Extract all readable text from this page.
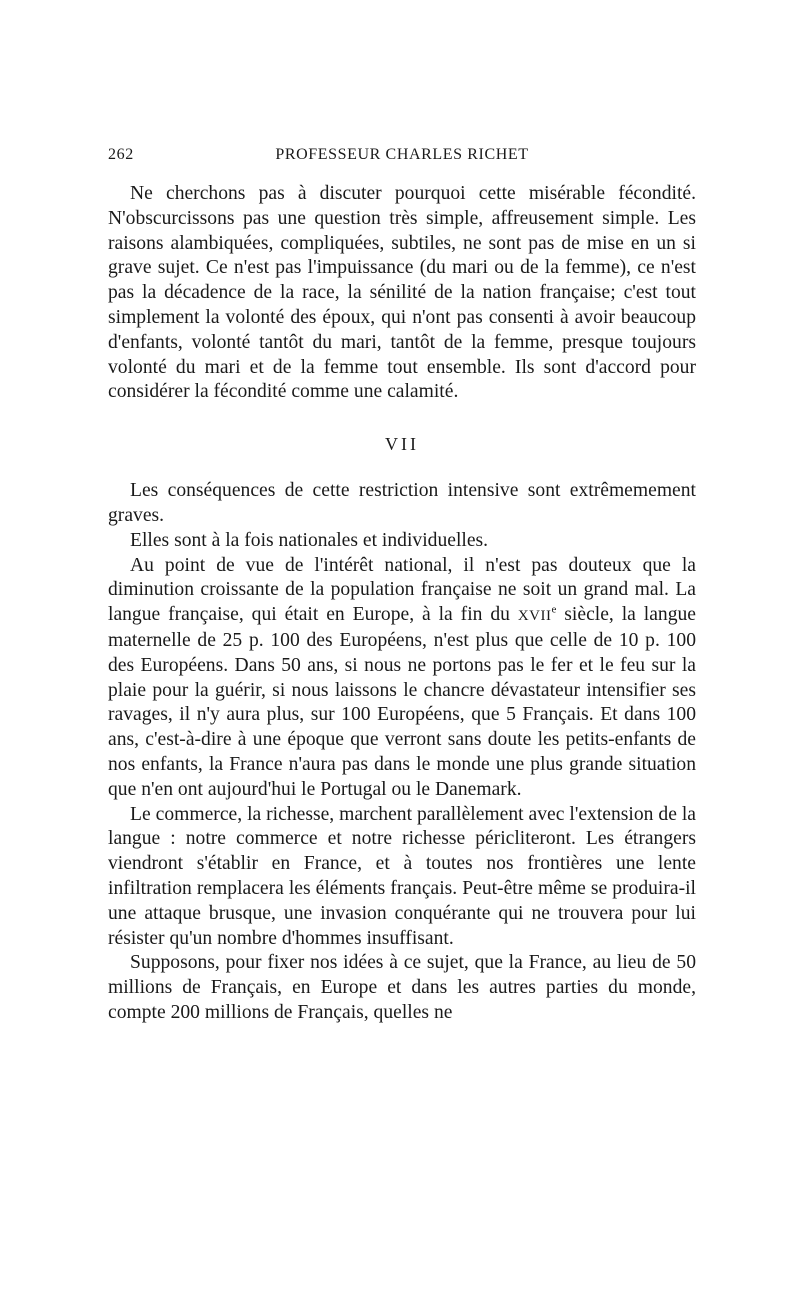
262	PROFESSEUR CHARLES RICHET

Ne cherchons pas à discuter pourquoi cette misérable fécondité. N'obscurcissons pas une question très simple, affreusement simple. Les raisons alambiquées, compliquées, subtiles, ne sont pas de mise en un si grave sujet. Ce n'est pas l'impuissance (du mari ou de la femme), ce n'est pas la décadence de la race, la sénilité de la nation française; c'est tout simplement la volonté des époux, qui n'ont pas consenti à avoir beaucoup d'enfants, volonté tantôt du mari, tantôt de la femme, presque toujours volonté du mari et de la femme tout ensemble. Ils sont d'accord pour considérer la fécondité comme une calamité.

VII

Les conséquences de cette restriction intensive sont extrêmemement graves.

Elles sont à la fois nationales et individuelles.

Au point de vue de l'intérêt national, il n'est pas douteux que la diminution croissante de la population française ne soit un grand mal. La langue française, qui était en Europe, à la fin du XVIIe siècle, la langue maternelle de 25 p. 100 des Européens, n'est plus que celle de 10 p. 100 des Européens. Dans 50 ans, si nous ne portons pas le fer et le feu sur la plaie pour la guérir, si nous laissons le chancre dévastateur intensifier ses ravages, il n'y aura plus, sur 100 Européens, que 5 Français. Et dans 100 ans, c'est-à-dire à une époque que verront sans doute les petits-enfants de nos enfants, la France n'aura pas dans le monde une plus grande situation que n'en ont aujourd'hui le Portugal ou le Danemark.

Le commerce, la richesse, marchent parallèlement avec l'extension de la langue : notre commerce et notre richesse péricliteront. Les étrangers viendront s'établir en France, et à toutes nos frontières une lente infiltration remplacera les éléments français. Peut-être même se produira-il une attaque brusque, une invasion conquérante qui ne trouvera pour lui résister qu'un nombre d'hommes insuffisant.

Supposons, pour fixer nos idées à ce sujet, que la France, au lieu de 50 millions de Français, en Europe et dans les autres parties du monde, compte 200 millions de Français, quelles ne
